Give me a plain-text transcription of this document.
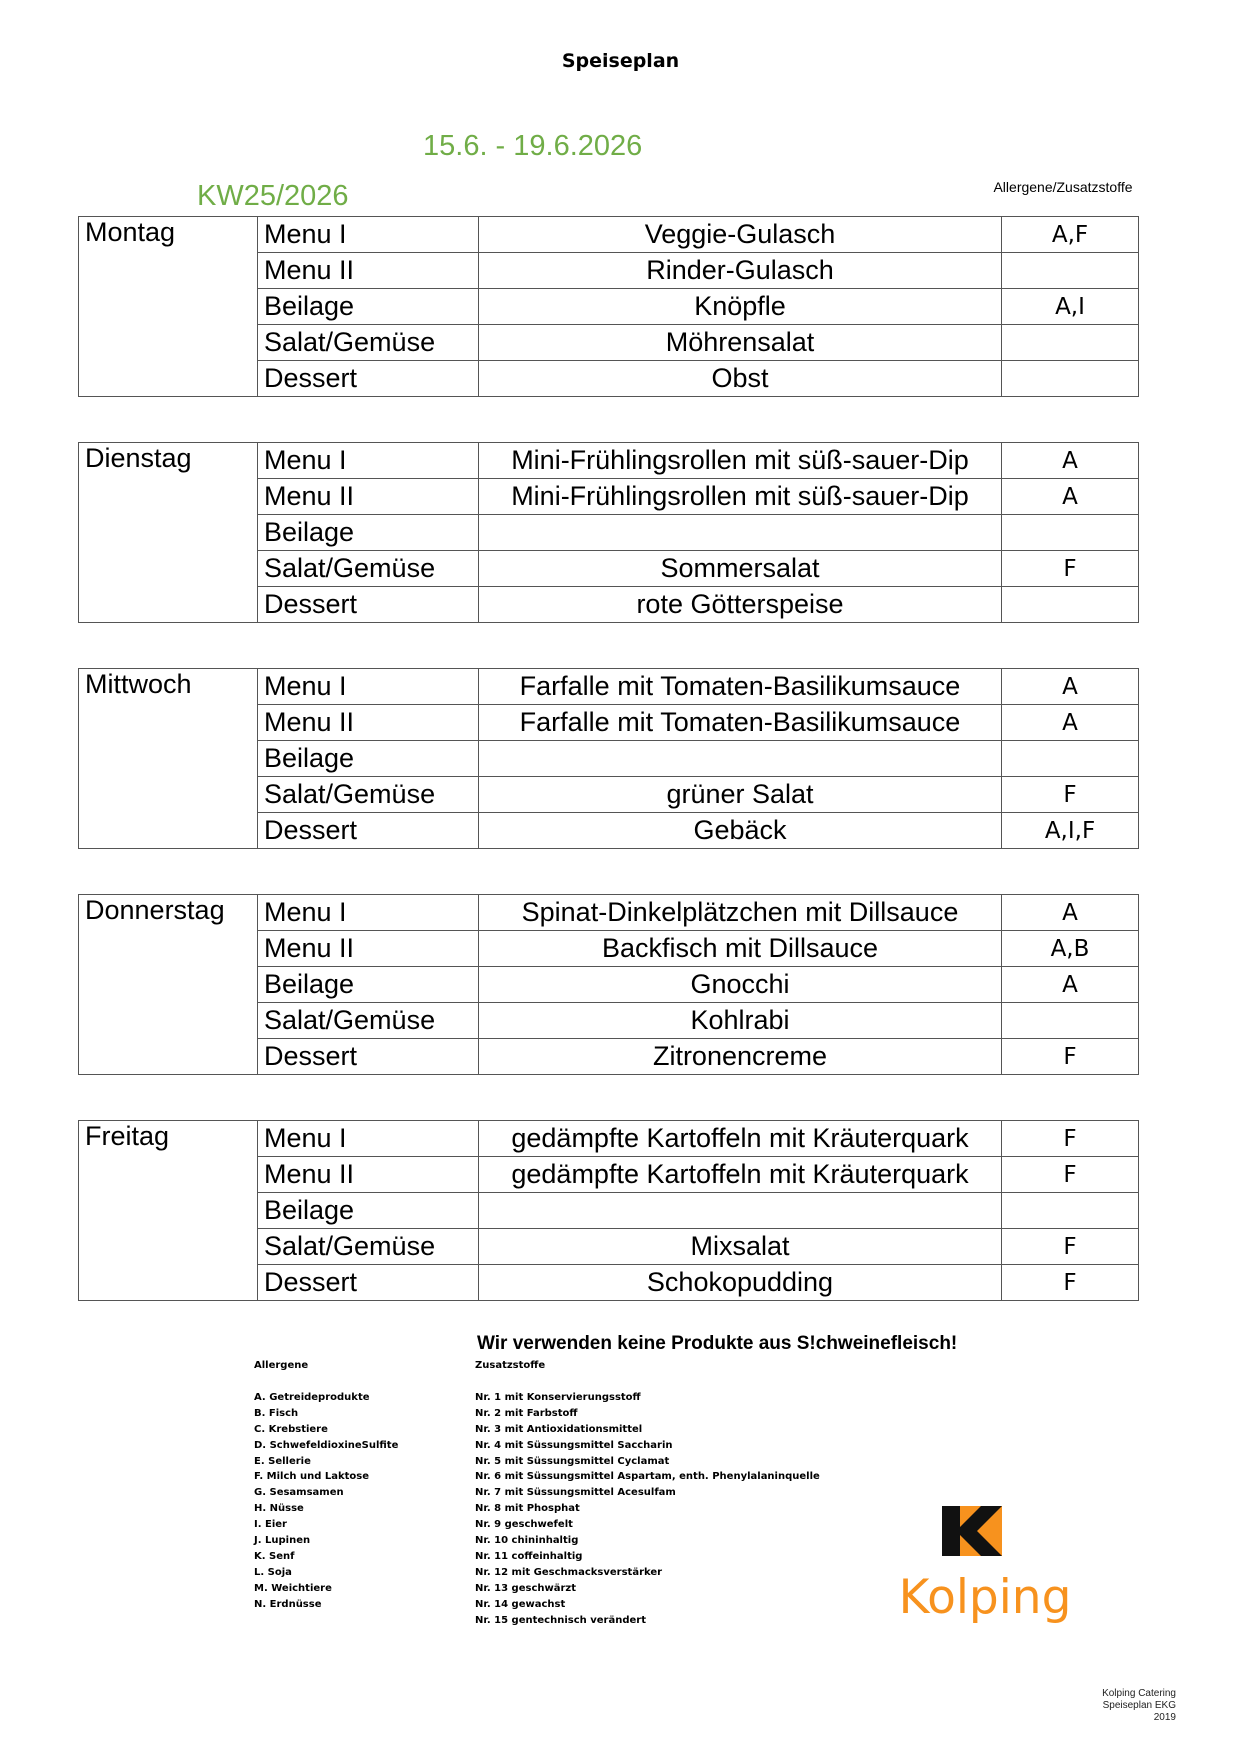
Speiseplan
15.6. - 19.6.2026
KW25/2026	Allergene/Zusatzstoffe
Montag	Menu I	Veggie-Gulasch	A,F
	Menu II	Rinder-Gulasch	
	Beilage	Knöpfle	A,I
	Salat/Gemüse	Möhrensalat	
	Dessert	Obst	
Dienstag	Menu I	Mini-Frühlingsrollen mit süß-sauer-Dip	A
	Menu II	Mini-Frühlingsrollen mit süß-sauer-Dip	A
	Beilage		
	Salat/Gemüse	Sommersalat	F
	Dessert	rote Götterspeise	
Mittwoch	Menu I	Farfalle mit Tomaten-Basilikumsauce	A
	Menu II	Farfalle mit Tomaten-Basilikumsauce	A
	Beilage		
	Salat/Gemüse	grüner Salat	F
	Dessert	Gebäck	A,I,F
Donnerstag	Menu I	Spinat-Dinkelplätzchen mit Dillsauce	A
	Menu II	Backfisch mit Dillsauce	A,B
	Beilage	Gnocchi	A
	Salat/Gemüse	Kohlrabi	
	Dessert	Zitronencreme	F
Freitag	Menu I	gedämpfte Kartoffeln mit Kräuterquark	F
	Menu II	gedämpfte Kartoffeln mit Kräuterquark	F
	Beilage		
	Salat/Gemüse	Mixsalat	F
	Dessert	Schokopudding	F
Wir verwenden keine Produkte aus S!chweinefleisch!
Allergene
A. Getreideprodukte
B. Fisch
C. Krebstiere
D. SchwefeldioxineSulfite
E. Sellerie
F. Milch und Laktose
G. Sesamsamen
H. Nüsse
I. Eier
J. Lupinen
K. Senf
L. Soja
M. Weichtiere
N. Erdnüsse
Zusatzstoffe
Nr. 1 mit Konservierungsstoff
Nr. 2 mit Farbstoff
Nr. 3 mit Antioxidationsmittel
Nr. 4 mit Süssungsmittel Saccharin
Nr. 5 mit Süssungsmittel Cyclamat
Nr. 6 mit Süssungsmittel Aspartam, enth. Phenylalaninquelle
Nr. 7 mit Süssungsmittel Acesulfam
Nr. 8 mit Phosphat
Nr. 9 geschwefelt
Nr. 10 chininhaltig
Nr. 11 coffeinhaltig
Nr. 12 mit Geschmacksverstärker
Nr. 13 geschwärzt
Nr. 14 gewachst
Nr. 15 gentechnisch verändert	Kolping
Kolping Catering
Speiseplan EKG
2019
